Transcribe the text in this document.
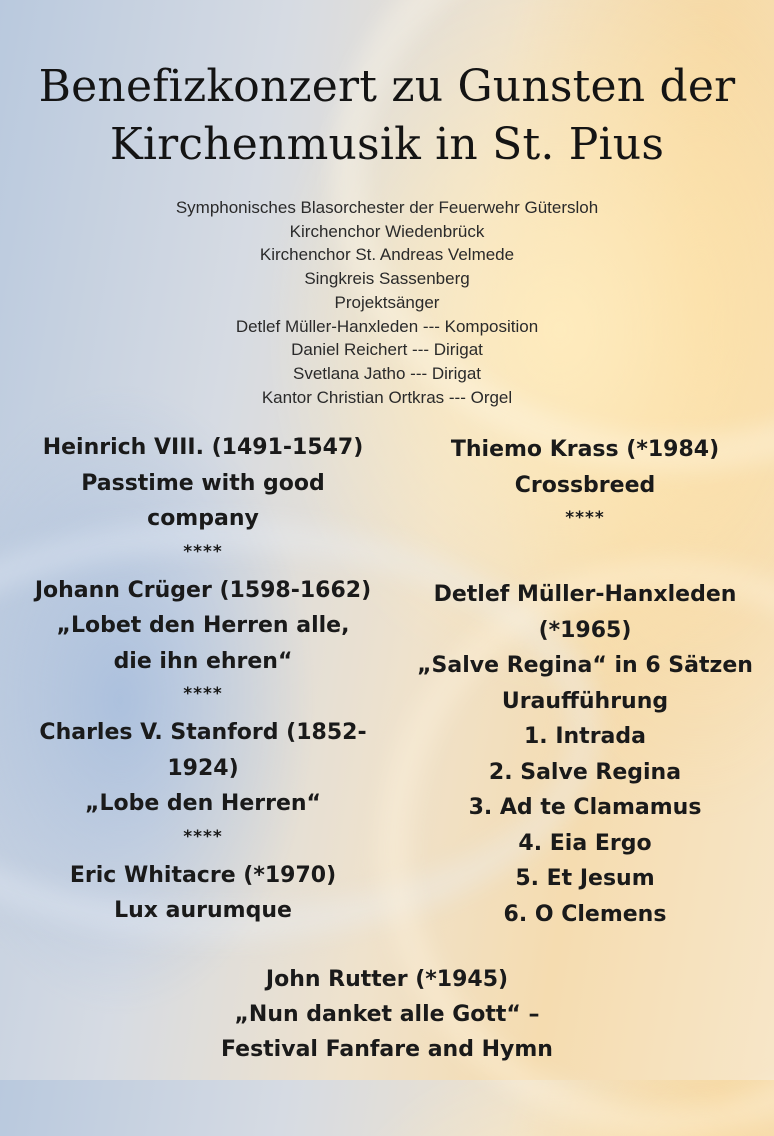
Benefizkonzert zu Gunsten der
Kirchenmusik in St. Pius
Symphonisches Blasorchester der Feuerwehr Gütersloh
Kirchenchor Wiedenbrück
Kirchenchor St. Andreas Velmede
Singkreis Sassenberg
Projektsänger
Detlef Müller-Hanxleden --- Komposition
Daniel Reichert --- Dirigat
Svetlana Jatho --- Dirigat
Kantor Christian Ortkras --- Orgel
Heinrich VIII. (1491-1547)
Passtime with good
company
****
Johann Crüger (1598-1662)
„Lobet den Herren alle,
die ihn ehren“
****
Charles V. Stanford (1852-
1924)
„Lobe den Herren“
****
Eric Whitacre (*1970)
Lux aurumque
Thiemo Krass (*1984)
Crossbreed
****
Detlef Müller-Hanxleden
(*1965)
„Salve Regina“ in 6 Sätzen
Uraufführung
1. Intrada
2. Salve Regina
3. Ad te Clamamus
4. Eia Ergo
5. Et Jesum
6. O Clemens
John Rutter (*1945)
„Nun danket alle Gott“ –
Festival Fanfare and Hymn
